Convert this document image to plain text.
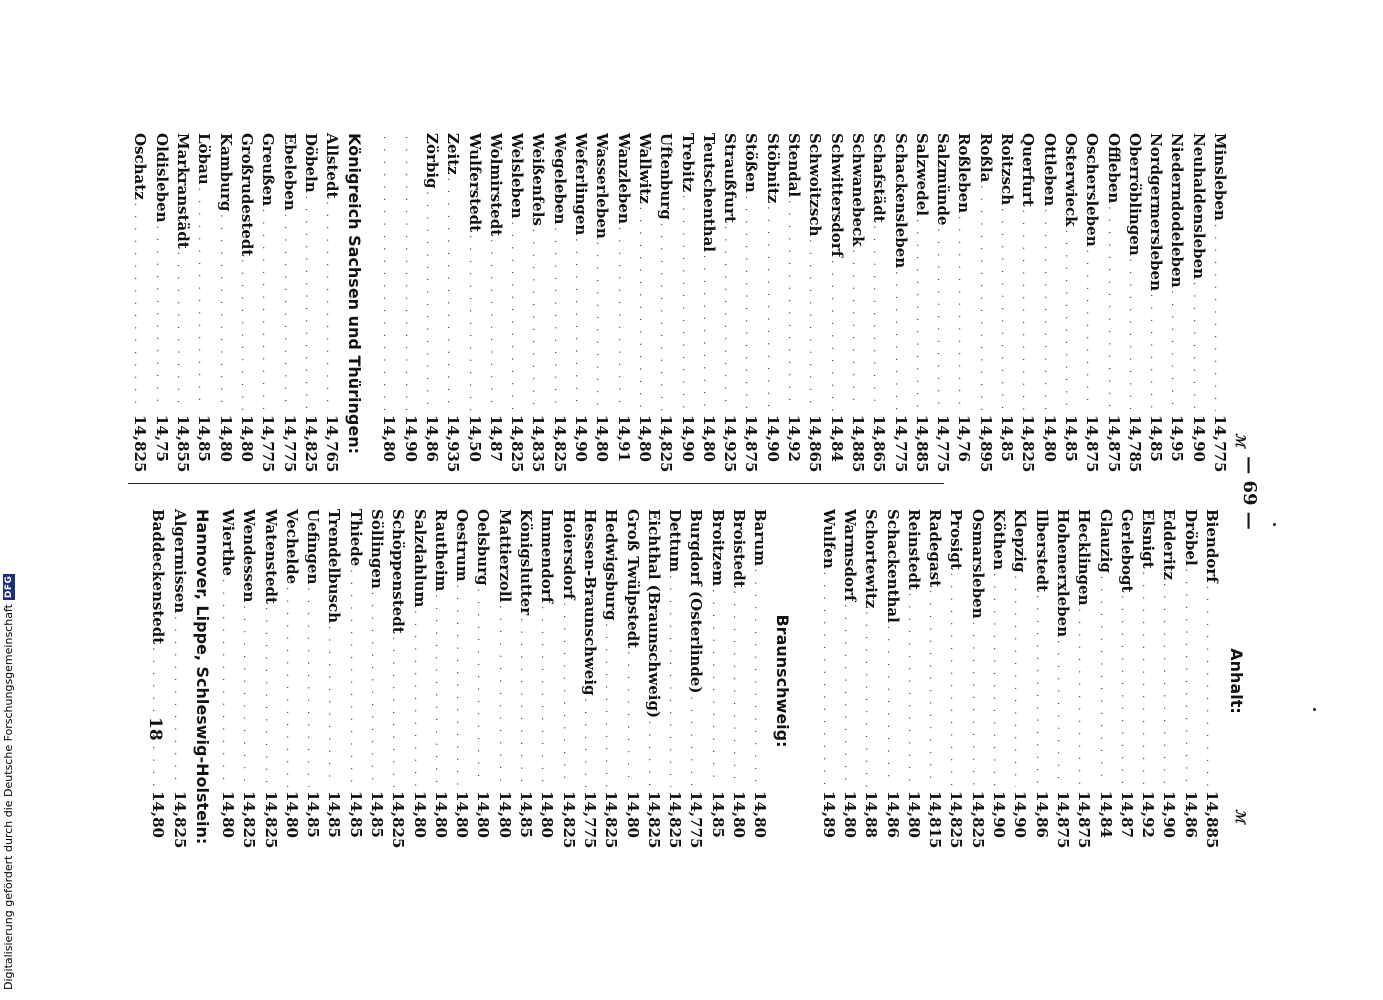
— 69 —
ℳ
Minsleben
. . .
14,775
Neuhaldensleben
. . .
14,90
Niederndodeleben
. . .
14,95
Nordgermersleben
. . .
14,85
Oberröblingen
. . .
14,785
Offleben
. . .
14,875
Oschersleben
. . .
14,875
Osterwieck
. . .
14,85
Ottleben
. . .
14,80
Querfurt
. . .
14,825
Roitzsch
. . .
14,85
Roßla
. . .
14,895
Roßleben
. . .
14,76
Salzmünde
. . .
14,775
Salzwedel
. . .
14,885
Schackensleben
. . .
14,775
Schafstädt
. . .
14,865
Schwanebeck
. . .
14,885
Schwittersdorf
. . .
14,84
Schwoitzsch
. . .
14,865
Stendal
. . .
14,92
Stöbnitz
. . .
14,90
Stößen
. . .
14,875
Straußfurt
. . .
14,925
Teutschenthal
. . .
14,80
Trebitz
. . .
14,90
Uftenburg
. . .
14,825
Wallwitz
. . .
14,80
Wanzleben
. . .
14,91
Wasserleben
. . .
14,80
Weferlingen
. . .
14,90
Wegeleben
. . .
14,825
Weißenfels
. . .
14,835
Welsleben
. . .
14,825
Wolmirstedt
. . .
14,87
Wulferstedt
. . .
14,50
Zeitz
. . .
14,935
Zörbig
. . .
14,86
. . .
14,90
. . .
14,80
Königreich Sachsen und Thüringen:
Allstedt
. . .
14,765
Döbeln
. . .
14,825
Ebeleben
. . .
14,775
Greußen
. . .
14,775
Großrudestedt
. . .
14,80
Kamburg
. . .
14,80
Löbau
. . .
14,85
Markranstädt
. . .
14,855
Oldisleben
. . .
14,75
Oschatz
. . .
14,825
ℳ
Anhalt:
Biendorf
. . .
14,885
Dröbel
. . .
14,86
Edderitz
. . .
14,90
Elsnigt
. . .
14,92
Gerlebogt
. . .
14,87
Glauzig
. . .
14,84
Hecklingen
. . .
14,875
Hohenerxleben
. . .
14,875
Ilberstedt
. . .
14,86
Klepzig
. . .
14,90
Köthen
. . .
14,90
Osmarsleben
. . .
14,825
Prosigt
. . .
14,825
Radegast
. . .
14,815
Reinstedt
. . .
14,80
Schackenthal
. . .
14,86
Schortewitz
. . .
14,88
Warmsdorf
. . .
14,80
Wulfen
. . .
14,89
Braunschweig:
Barum
. . .
14,80
Broistedt
. . .
14,80
Broitzem
. . .
14,85
Burgdorf (Osterlinde)
. . .
14,775
Dettum
. . .
14,825
Eichthal (Braunschweig)
. . .
14,825
Groß Twülpstedt
. . .
14,80
Hedwigsburg
. . .
14,825
Hessen-Braunschweig
. . .
14,775
Hoiersdorf
. . .
14,825
Immendorf
. . .
14,80
Königslutter
. . .
14,85
Mattierzoll
. . .
14,80
Oelsburg
. . .
14,80
Oestrum
. . .
14,80
Rautheim
. . .
14,80
Salzdahlum
. . .
14,80
Schöppenstedt
. . .
14,825
Söllingen
. . .
14,85
Thiede
. . .
14,85
Trendelbusch
. . .
14,85
Uefingen
. . .
14,85
Vechelde
. . .
14,80
Watenstedt
. . .
14,825
Wendessen
. . .
14,825
Wierthe
. . .
14,80
Hannover, Lippe, Schleswig-Holstein:
Algermissen
. . .
14,825
Baddeckenstedt
. . .
14,80
18
Digitalisierung gefördert durch die Deutsche Forschungsgemeinschaft
DFG
